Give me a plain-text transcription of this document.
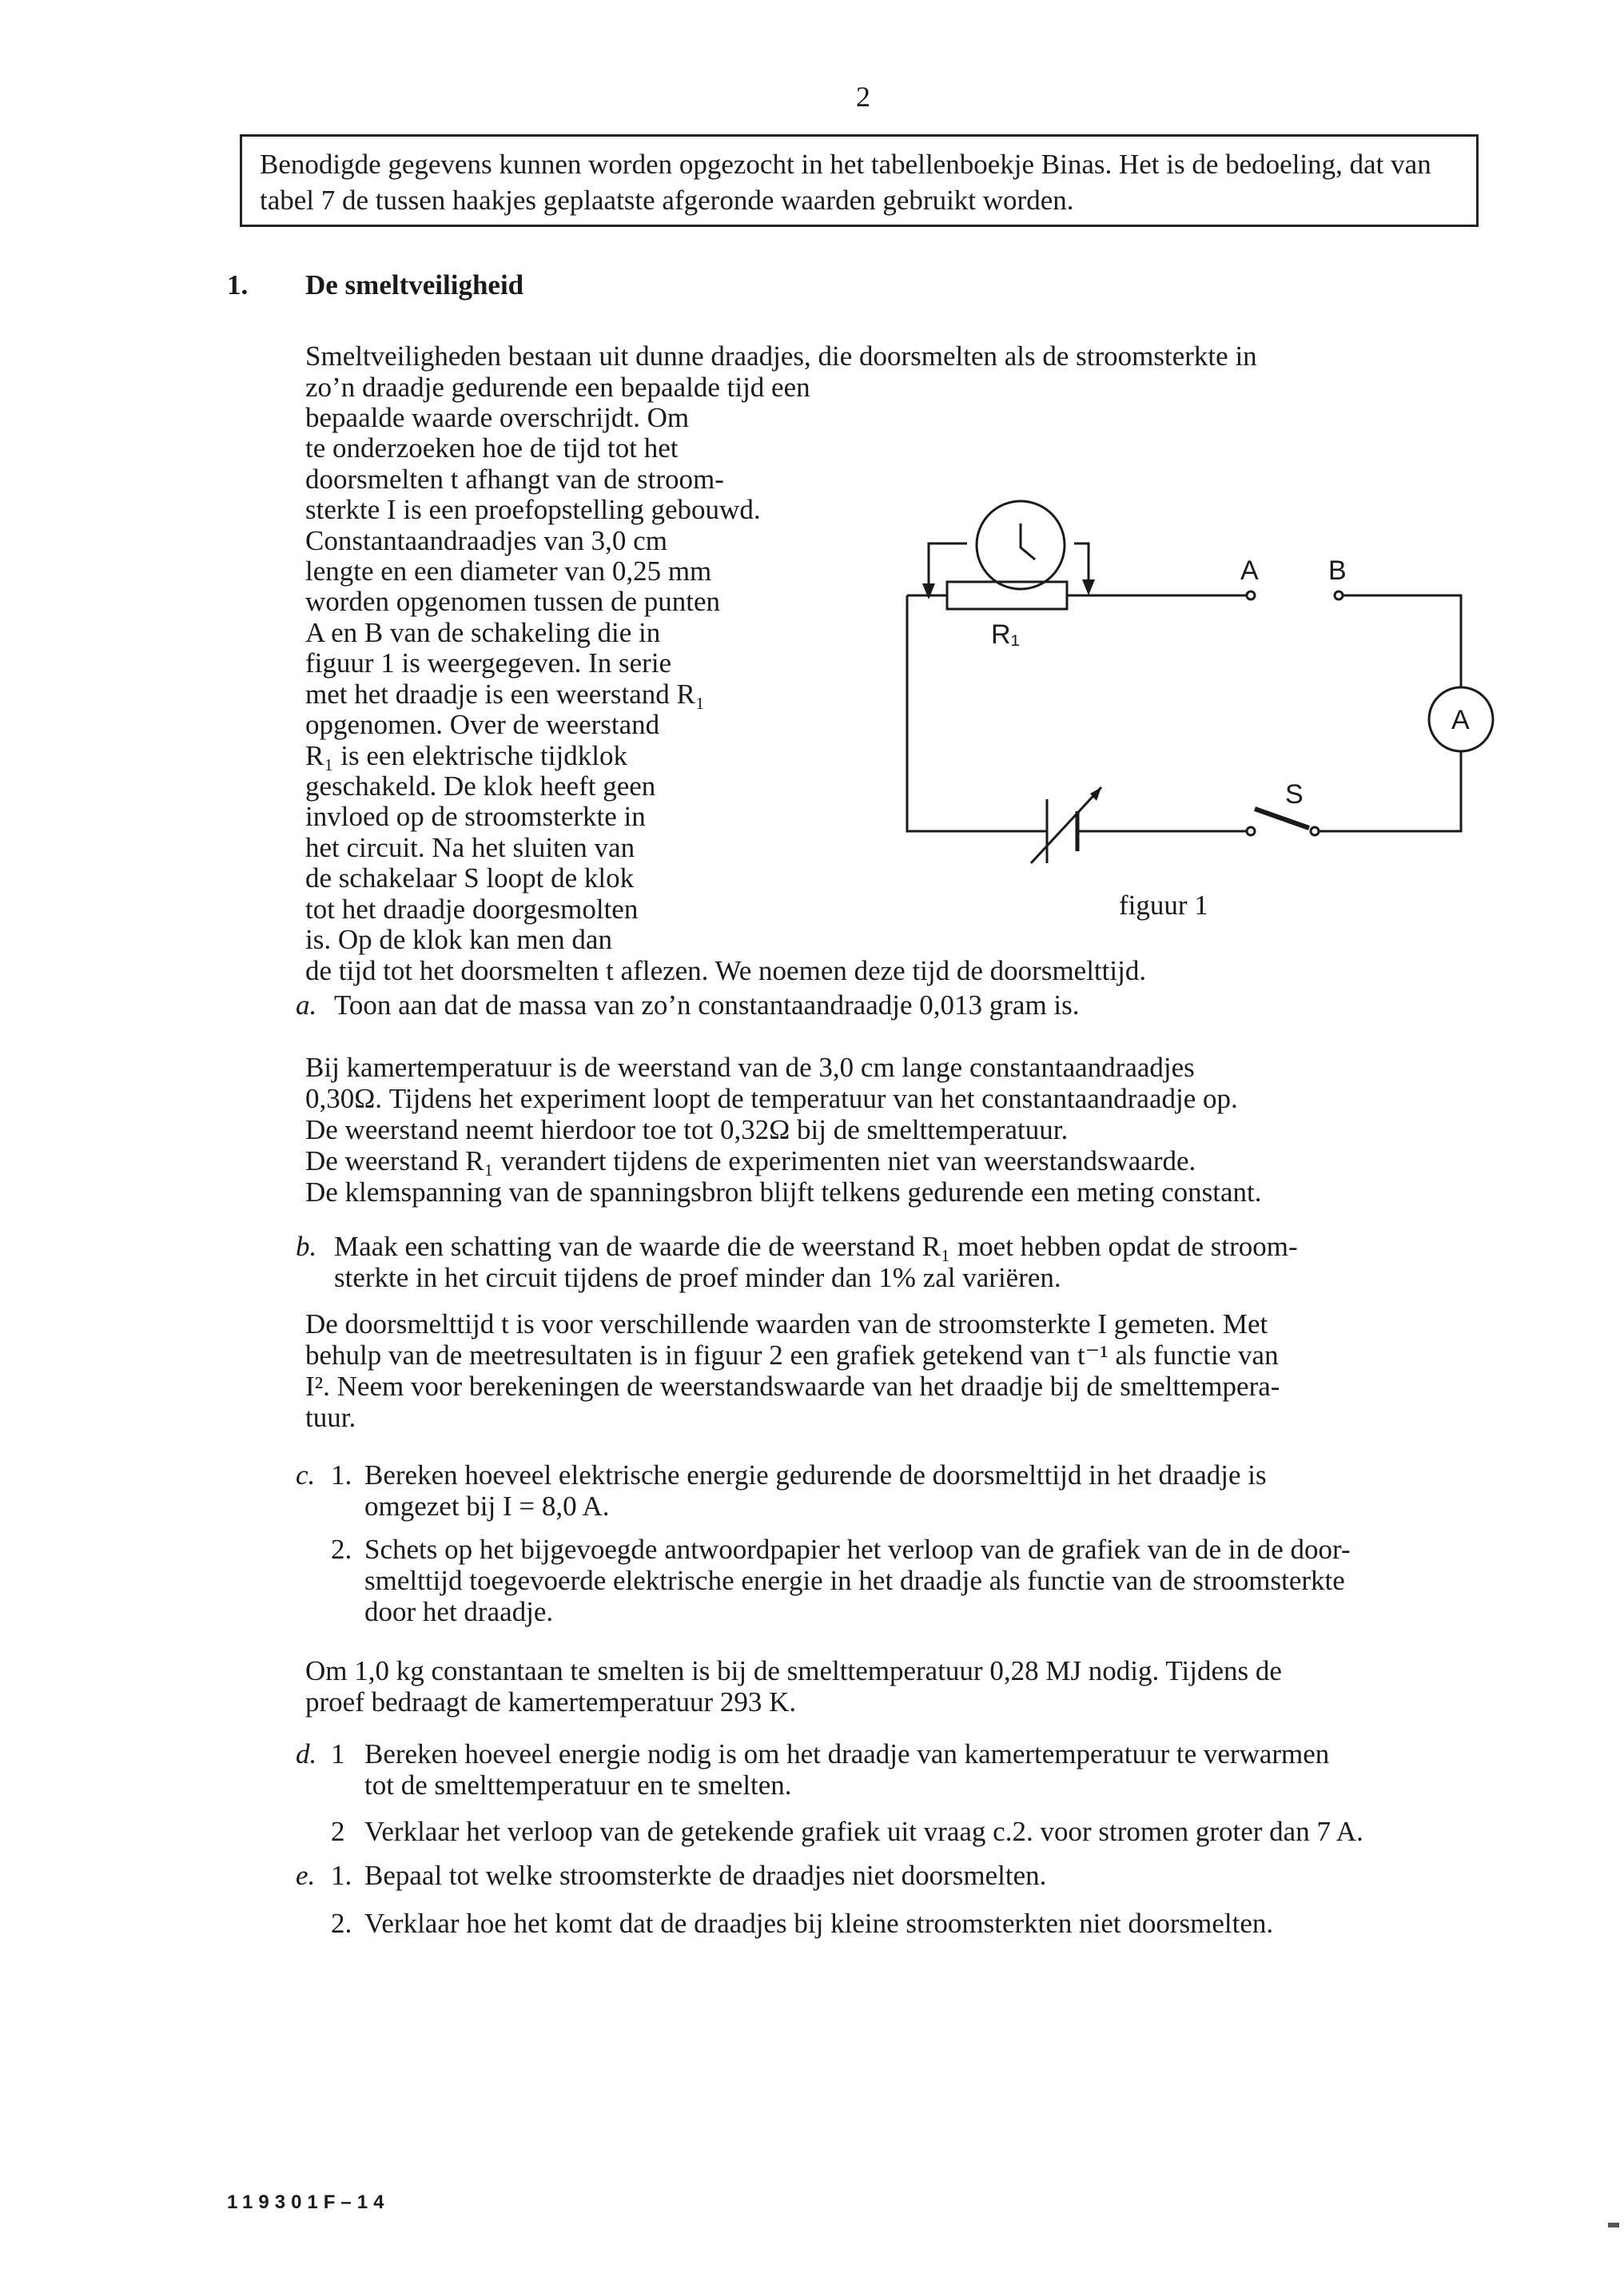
2
Benodigde gegevens kunnen worden opgezocht in het tabellenboekje Binas. Het is de bedoeling, dat van tabel 7 de tussen haakjes geplaatste afgeronde waarden gebruikt worden.
1. De smeltveiligheid
Smeltveiligheden bestaan uit dunne draadjes, die doorsmelten als de stroomsterkte in
zo’n draadje gedurende een bepaalde tijd een
bepaalde waarde overschrijdt. Om
te onderzoeken hoe de tijd tot het
doorsmelten t afhangt van de stroom-
sterkte I is een proefopstelling gebouwd.
Constantaandraadjes van 3,0 cm
lengte en een diameter van 0,25 mm
worden opgenomen tussen de punten
A en B van de schakeling die in
figuur 1 is weergegeven. In serie
met het draadje is een weerstand R₁
opgenomen. Over de weerstand
R₁ is een elektrische tijdklok
geschakeld. De klok heeft geen
invloed op de stroomsterkte in
het circuit. Na het sluiten van
de schakelaar S loopt de klok
tot het draadje doorgesmolten
is. Op de klok kan men dan
de tijd tot het doorsmelten t aflezen. We noemen deze tijd de doorsmelttijd.
A	B
R₁
S
A
figuur 1
a. Toon aan dat de massa van zo’n constantaandraadje 0,013 gram is.
Bij kamertemperatuur is de weerstand van de 3,0 cm lange constantaandraadjes
0,30Ω. Tijdens het experiment loopt de temperatuur van het constantaandraadje op.
De weerstand neemt hierdoor toe tot 0,32Ω bij de smelttemperatuur.
De weerstand R₁ verandert tijdens de experimenten niet van weerstandswaarde.
De klemspanning van de spanningsbron blijft telkens gedurende een meting constant.
b. Maak een schatting van de waarde die de weerstand R₁ moet hebben opdat de stroom-
sterkte in het circuit tijdens de proef minder dan 1% zal variëren.
De doorsmelttijd t is voor verschillende waarden van de stroomsterkte I gemeten. Met
behulp van de meetresultaten is in figuur 2 een grafiek getekend van t⁻¹ als functie van
I². Neem voor berekeningen de weerstandswaarde van het draadje bij de smelttempera-
tuur.
c. 1. Bereken hoeveel elektrische energie gedurende de doorsmelttijd in het draadje is
omgezet bij I = 8,0 A.
2. Schets op het bijgevoegde antwoordpapier het verloop van de grafiek van de in de door-
smelttijd toegevoerde elektrische energie in het draadje als functie van de stroomsterkte
door het draadje.
Om 1,0 kg constantaan te smelten is bij de smelttemperatuur 0,28 MJ nodig. Tijdens de
proef bedraagt de kamertemperatuur 293 K.
d. 1 Bereken hoeveel energie nodig is om het draadje van kamertemperatuur te verwarmen
tot de smelttemperatuur en te smelten.
2 Verklaar het verloop van de getekende grafiek uit vraag c.2. voor stromen groter dan 7 A.
e. 1. Bepaal tot welke stroomsterkte de draadjes niet doorsmelten.
2. Verklaar hoe het komt dat de draadjes bij kleine stroomsterkten niet doorsmelten.
119301F–14
